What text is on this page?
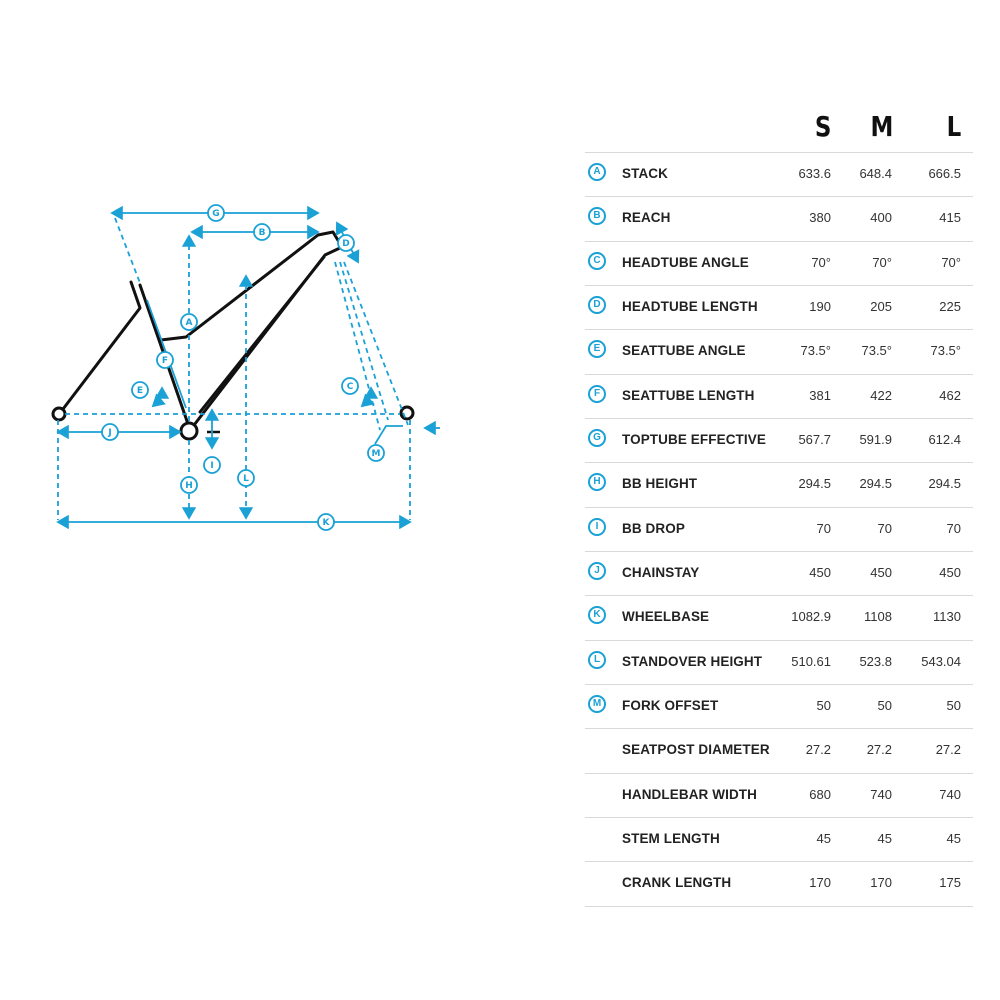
G
B
D
A
F
E	C
J
I
H
L
M
K
S M L
A	STACK	633.6	648.4	666.5
B	REACH	380	400	415
C	HEADTUBE ANGLE	70°	70°	70°
D	HEADTUBE LENGTH	190	205	225
E	SEATTUBE ANGLE	73.5°	73.5°	73.5°
F	SEATTUBE LENGTH	381	422	462
G	TOPTUBE EFFECTIVE	567.7	591.9	612.4
H	BB HEIGHT	294.5	294.5	294.5
I	BB DROP	70	70	70
J	CHAINSTAY	450	450	450
K	WHEELBASE	1082.9	1108	1130
L	STANDOVER HEIGHT	510.61	523.8	543.04
M	FORK OFFSET	50	50	50
SEATPOST DIAMETER	27.2	27.2	27.2
HANDLEBAR WIDTH	680	740	740
STEM LENGTH	45	45	45
CRANK LENGTH	170	170	175
